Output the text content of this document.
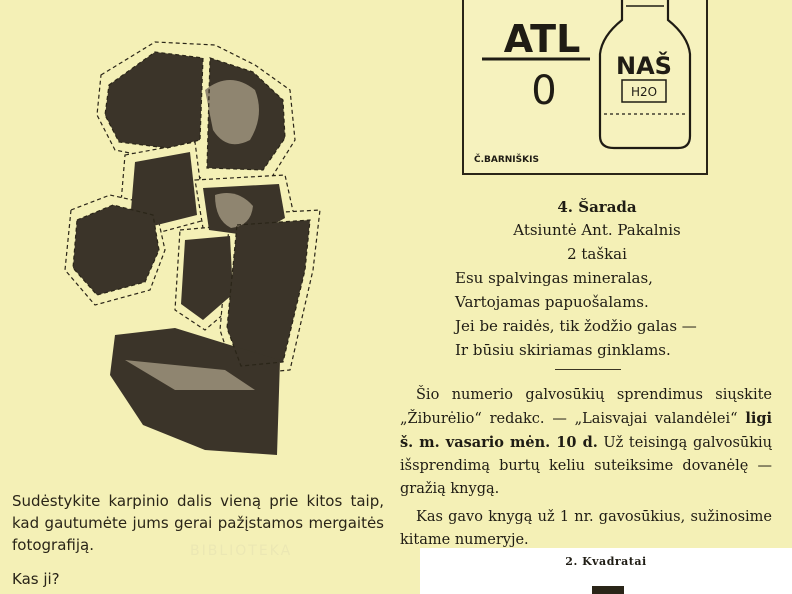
ATL
0
NAŠ
H2O
Č.BARNIŠKIS

Sudėstykite karpinio dalis vieną prie kitos taip, kad gautumėte jums gerai pažįstamos mergaitės fotografiją.

Kas ji?

BIBLIOTEKA
4. Šarada
Atsiuntė Ant. Pakalnis
2 taškai
Esu spalvingas mineralas,
Vartojamas papuošalams.
Jei be raidės, tik žodžio galas —
Ir būsiu skiriamas ginklams.

Šio numerio galvosūkių sprendimus siųskite „Žiburėlio“ redakc. — „Laisvajai valandėlei“ ligi š. m. vasario mėn. 10 d. Už teisingą galvosūkių išsprendimą burtų keliu suteiksime dovanėlę — gražią knygą.

Kas gavo knygą už 1 nr. gavosūkius, sužinosime kitame numeryje.

2. Kvadratai
